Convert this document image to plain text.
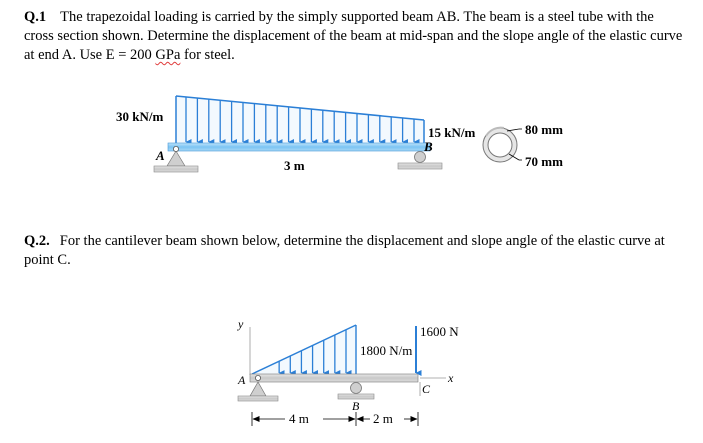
Q.1 The trapezoidal loading is carried by the simply supported beam AB. The beam is a steel tube with the cross section shown. Determine the displacement of the beam at mid-span and the slope angle of the elastic curve at end A. Use E = 200 GPa for steel.

Q.2. For the cantilever beam shown below, determine the displacement and slope angle of the elastic curve at point C.

30 kN/m
15 kN/m
A
B
3 m
80 mm
70 mm
y	1600 N
1800 N/m
x
A
B
C
4 m	2 m
